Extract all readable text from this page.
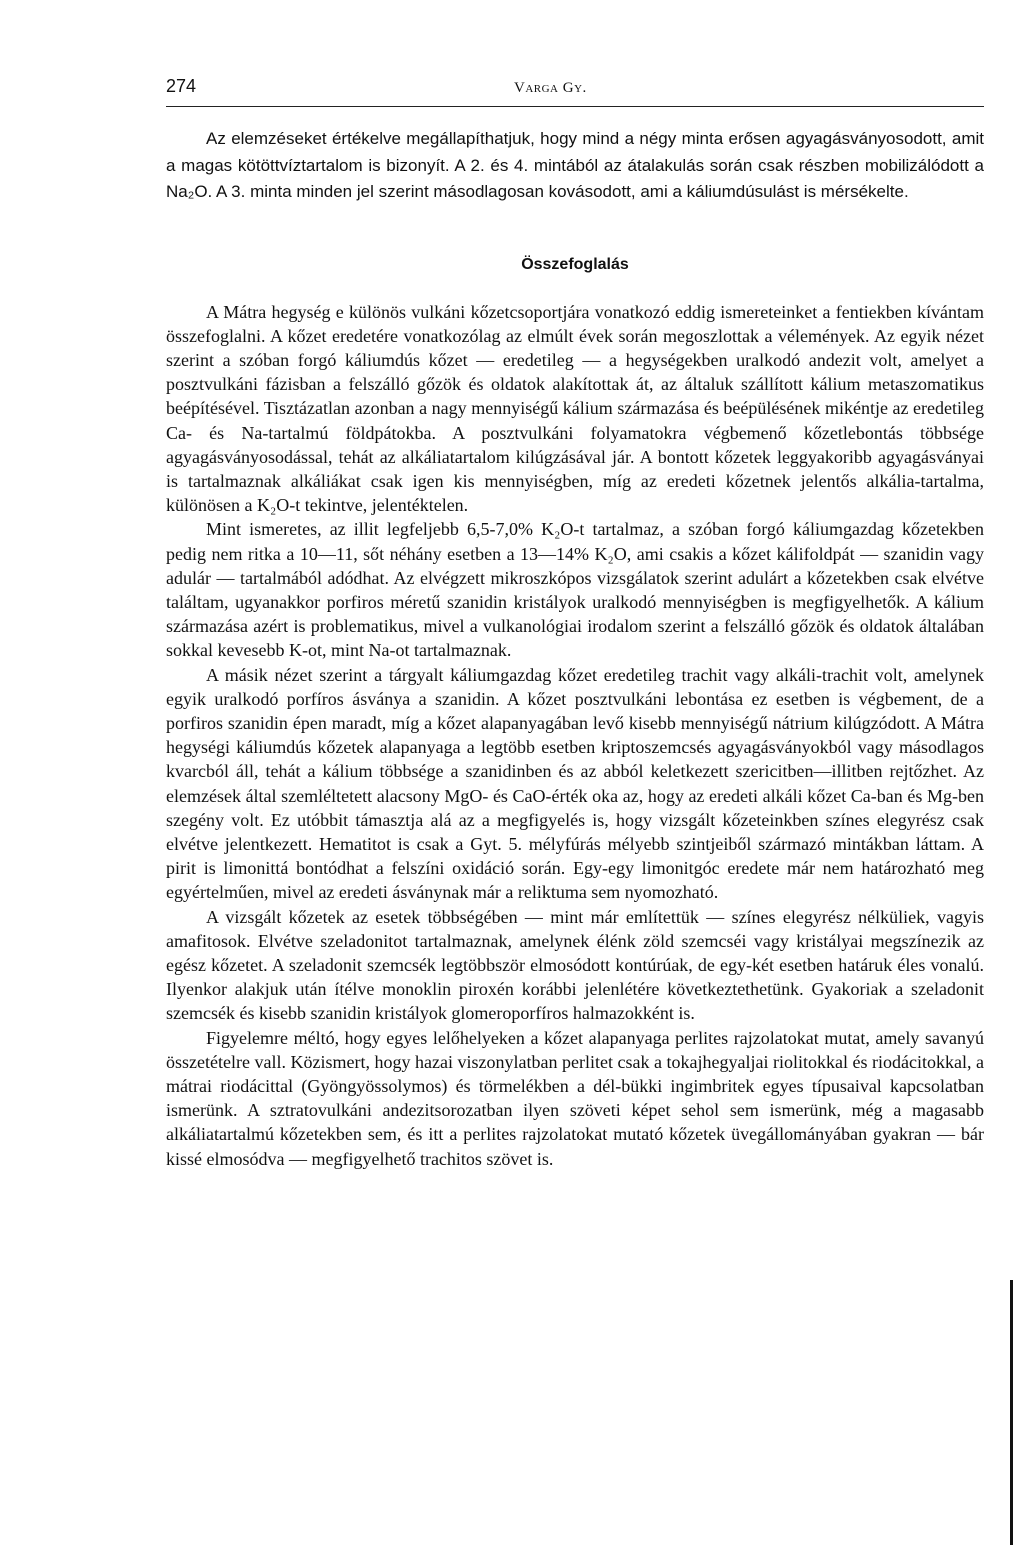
274	Varga Gy.

Az elemzéseket értékelve megállapíthatjuk, hogy mind a négy minta erősen agyagásványosodott, amit a magas kötöttvíztartalom is bizonyít. A 2. és 4. mintából az átalakulás során csak részben mobilizálódott a Na₂O. A 3. minta minden jel szerint másodlagosan kovásodott, ami a káliumdúsulást is mérsékelte.

Összefoglalás

A Mátra hegység e különös vulkáni kőzetcsoportjára vonatkozó eddig ismereteinket a fentiekben kívántam összefoglalni. A kőzet eredetére vonatkozólag az elmúlt évek során megoszlottak a vélemények. Az egyik nézet szerint a szóban forgó káliumdús kőzet — eredetileg — a hegységekben uralkodó andezit volt, amelyet a posztvulkáni fázisban a felszálló gőzök és oldatok alakítottak át, az általuk szállított kálium metaszomatikus beépítésével. Tisztázatlan azonban a nagy mennyiségű kálium származása és beépülésének mikéntje az eredetileg Ca- és Na-tartalmú földpátokba. A posztvulkáni folyamatokra végbemenő kőzetlebontás többsége agyagásványosodással, tehát az alkáliatartalom kilúgzásával jár. A bontott kőzetek leggyakoribb agyagásványai is tartalmaznak alkáliákat csak igen kis mennyiségben, míg az eredeti kőzetnek jelentős alkália-tartalma, különösen a K₂O-t tekintve, jelentéktelen.

Mint ismeretes, az illit legfeljebb 6,5-7,0% K₂O-t tartalmaz, a szóban forgó káliumgazdag kőzetekben pedig nem ritka a 10—11, sőt néhány esetben a 13—14% K₂O, ami csakis a kőzet kálifoldpát — szanidin vagy adulár — tartalmából adódhat. Az elvégzett mikroszkópos vizsgálatok szerint adulárt a kőzetekben csak elvétve találtam, ugyanakkor porfiros méretű szanidin kristályok uralkodó mennyiségben is megfigyelhetők. A kálium származása azért is problematikus, mivel a vulkanológiai irodalom szerint a felszálló gőzök és oldatok általában sokkal kevesebb K-ot, mint Na-ot tartalmaznak.

A másik nézet szerint a tárgyalt káliumgazdag kőzet eredetileg trachit vagy alkáli-trachit volt, amelynek egyik uralkodó porfíros ásványa a szanidin. A kőzet posztvulkáni lebontása ez esetben is végbement, de a porfiros szanidin épen maradt, míg a kőzet alapanyagában levő kisebb mennyiségű nátrium kilúgzódott. A Mátra hegységi káliumdús kőzetek alapanyaga a legtöbb esetben kriptoszemcsés agyagásványokból vagy másodlagos kvarcból áll, tehát a kálium többsége a szanidinben és az abból keletkezett szericitben—illitben rejtőzhet. Az elemzések által szemléltetett alacsony MgO- és CaO-érték oka az, hogy az eredeti alkáli kőzet Ca-ban és Mg-ben szegény volt. Ez utóbbit támasztja alá az a megfigyelés is, hogy vizsgált kőzeteinkben színes elegyrész csak elvétve jelentkezett. Hematitot is csak a Gyt. 5. mélyfúrás mélyebb szintjeiből származó mintákban láttam. A pirit is limonittá bontódhat a felszíni oxidáció során. Egy-egy limonitgóc eredete már nem határozható meg egyértelműen, mivel az eredeti ásványnak már a reliktuma sem nyomozható.

A vizsgált kőzetek az esetek többségében — mint már említettük — színes elegyrész nélküliek, vagyis amafitosok. Elvétve szeladonitot tartalmaznak, amelynek élénk zöld szemcséi vagy kristályai megszínezik az egész kőzetet. A szeladonit szemcsék legtöbbször elmosódott kontúrúak, de egy-két esetben határuk éles vonalú. Ilyenkor alakjuk után ítélve monoklin piroxén korábbi jelenlétére következtethetünk. Gyakoriak a szeladonit szemcsék és kisebb szanidin kristályok glomeroporfíros halmazokként is.

Figyelemre méltó, hogy egyes lelőhelyeken a kőzet alapanyaga perlites rajzolatokat mutat, amely savanyú összetételre vall. Közismert, hogy hazai viszonylatban perlitet csak a tokajhegyaljai riolitokkal és riodácitokkal, a mátrai riodácittal (Gyöngyössolymos) és törmelékben a dél-bükki ingimbritek egyes típusaival kapcsolatban ismerünk. A sztratovulkáni andezitsorozatban ilyen szöveti képet sehol sem ismerünk, még a magasabb alkáliatartalmú kőzetekben sem, és itt a perlites rajzolatokat mutató kőzetek üvegállományában gyakran — bár kissé elmosódva — megfigyelhető trachitos szövet is.
